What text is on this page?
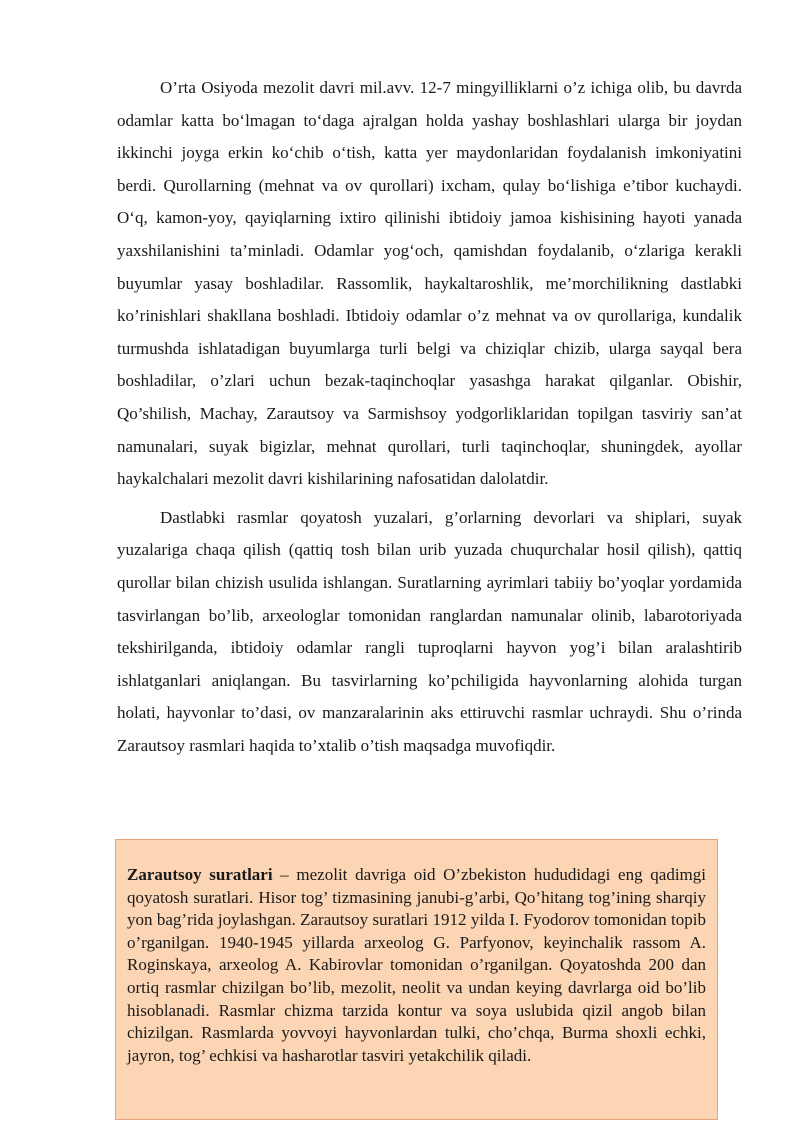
O’rta Osiyoda mezolit davri mil.avv. 12-7 mingyilliklarni o’z ichiga olib, bu davrda odamlar katta boʻlmagan toʻdaga ajralgan holda yashay boshlashlari ularga bir joydan ikkinchi joyga erkin koʻchib oʻtish, katta yer maydonlaridan foydalanish imkoniyatini berdi. Qurollarning (mehnat va ov qurollari) ixcham, qulay boʻlishiga e’tibor kuchaydi. Oʻq, kamon-yoy, qayiqlarning ixtiro qilinishi ibtidoiy jamoa kishisining hayoti yanada yaxshilanishini ta’minladi. Odamlar yogʻoch, qamishdan foydalanib, oʻzlariga kerakli buyumlar yasay boshladilar. Rassomlik, haykaltaroshlik, me’morchilikning dastlabki ko’rinishlari shakllana boshladi. Ibtidoiy odamlar o’z mehnat va ov qurollariga, kundalik turmushda ishlatadigan buyumlarga turli belgi va chiziqlar chizib, ularga sayqal bera boshladilar, o’zlari uchun bezak-taqinchoqlar yasashga harakat qilganlar. Obishir, Qo’shilish, Machay, Zarautsoy va Sarmishsoy yodgorliklaridan topilgan tasviriy san’at namunalari, suyak bigizlar, mehnat qurollari, turli taqinchoqlar, shuningdek, ayollar haykalchalari mezolit davri kishilarining nafosatidan dalolatdir.

Dastlabki rasmlar qoyatosh yuzalari, g’orlarning devorlari va shiplari, suyak yuzalariga chaqa qilish (qattiq tosh bilan urib yuzada chuqurchalar hosil qilish), qattiq qurollar bilan chizish usulida ishlangan. Suratlarning ayrimlari tabiiy bo’yoqlar yordamida tasvirlangan bo’lib, arxeologlar tomonidan ranglardan namunalar olinib, labarotoriyada tekshirilganda, ibtidoiy odamlar rangli tuproqlarni hayvon yog’i bilan aralashtirib ishlatganlari aniqlangan. Bu tasvirlarning ko’pchiligida hayvonlarning alohida turgan holati, hayvonlar to’dasi, ov manzaralarinin aks ettiruvchi rasmlar uchraydi. Shu o’rinda Zarautsoy rasmlari haqida to’xtalib o’tish maqsadga muvofiqdir.

Zarautsoy suratlari – mezolit davriga oid O’zbekiston hududidagi eng qadimgi qoyatosh suratlari. Hisor tog’ tizmasining janubi-g’arbi, Qo’hitang tog’ining sharqiy yon bag’rida joylashgan. Zarautsoy suratlari 1912 yilda I. Fyodorov tomonidan topib o’rganilgan. 1940-1945 yillarda arxeolog G. Parfyonov, keyinchalik rassom A. Roginskaya, arxeolog A. Kabirovlar tomonidan o’rganilgan. Qoyatoshda 200 dan ortiq rasmlar chizilgan bo’lib, mezolit, neolit va undan keying davrlarga oid bo’lib hisoblanadi. Rasmlar chizma tarzida kontur va soya uslubida qizil angob bilan chizilgan. Rasmlarda yovvoyi hayvonlardan tulki, cho’chqa, Burma shoxli echki, jayron, tog’ echkisi va hasharotlar tasviri yetakchilik qiladi.
